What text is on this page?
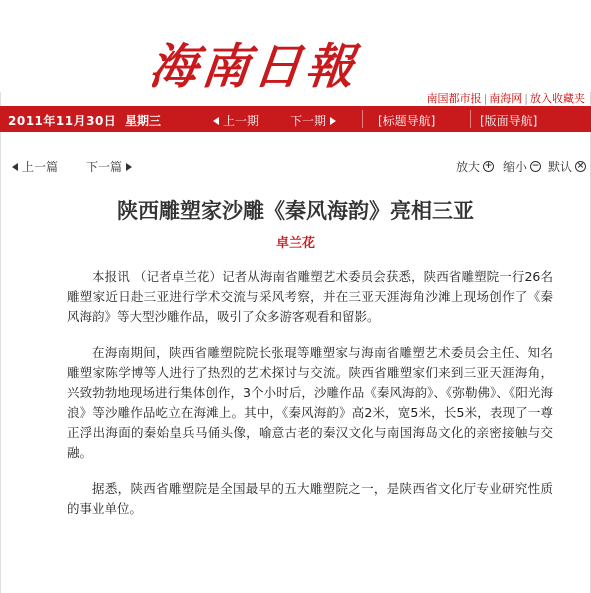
海南日報
南国都市报 | 南海网 | 放入收藏夹
2011年11月30日 星期三	上一期	下一期	[标题导航]	[版面导航]
上一篇 下一篇	放大 + 缩小 − 默认 ×
陕西雕塑家沙雕《秦风海韵》亮相三亚
卓兰花

本报讯 （记者卓兰花）记者从海南省雕塑艺术委员会获悉，陕西省雕塑院一行26名雕塑家近日赴三亚进行学术交流与采风考察，并在三亚天涯海角沙滩上现场创作了《秦风海韵》等大型沙雕作品，吸引了众多游客观看和留影。

在海南期间，陕西省雕塑院院长张琨等雕塑家与海南省雕塑艺术委员会主任、知名雕塑家陈学博等人进行了热烈的艺术探讨与交流。陕西省雕塑家们来到三亚天涯海角，兴致勃勃地现场进行集体创作，3个小时后，沙雕作品《秦风海韵》、《弥勒佛》、《阳光海浪》等沙雕作品屹立在海滩上。其中，《秦风海韵》高2米，宽5米，长5米，表现了一尊正浮出海面的秦始皇兵马俑头像，喻意古老的秦汉文化与南国海岛文化的亲密接触与交融。

据悉，陕西省雕塑院是全国最早的五大雕塑院之一，是陕西省文化厅专业研究性质的事业单位。
